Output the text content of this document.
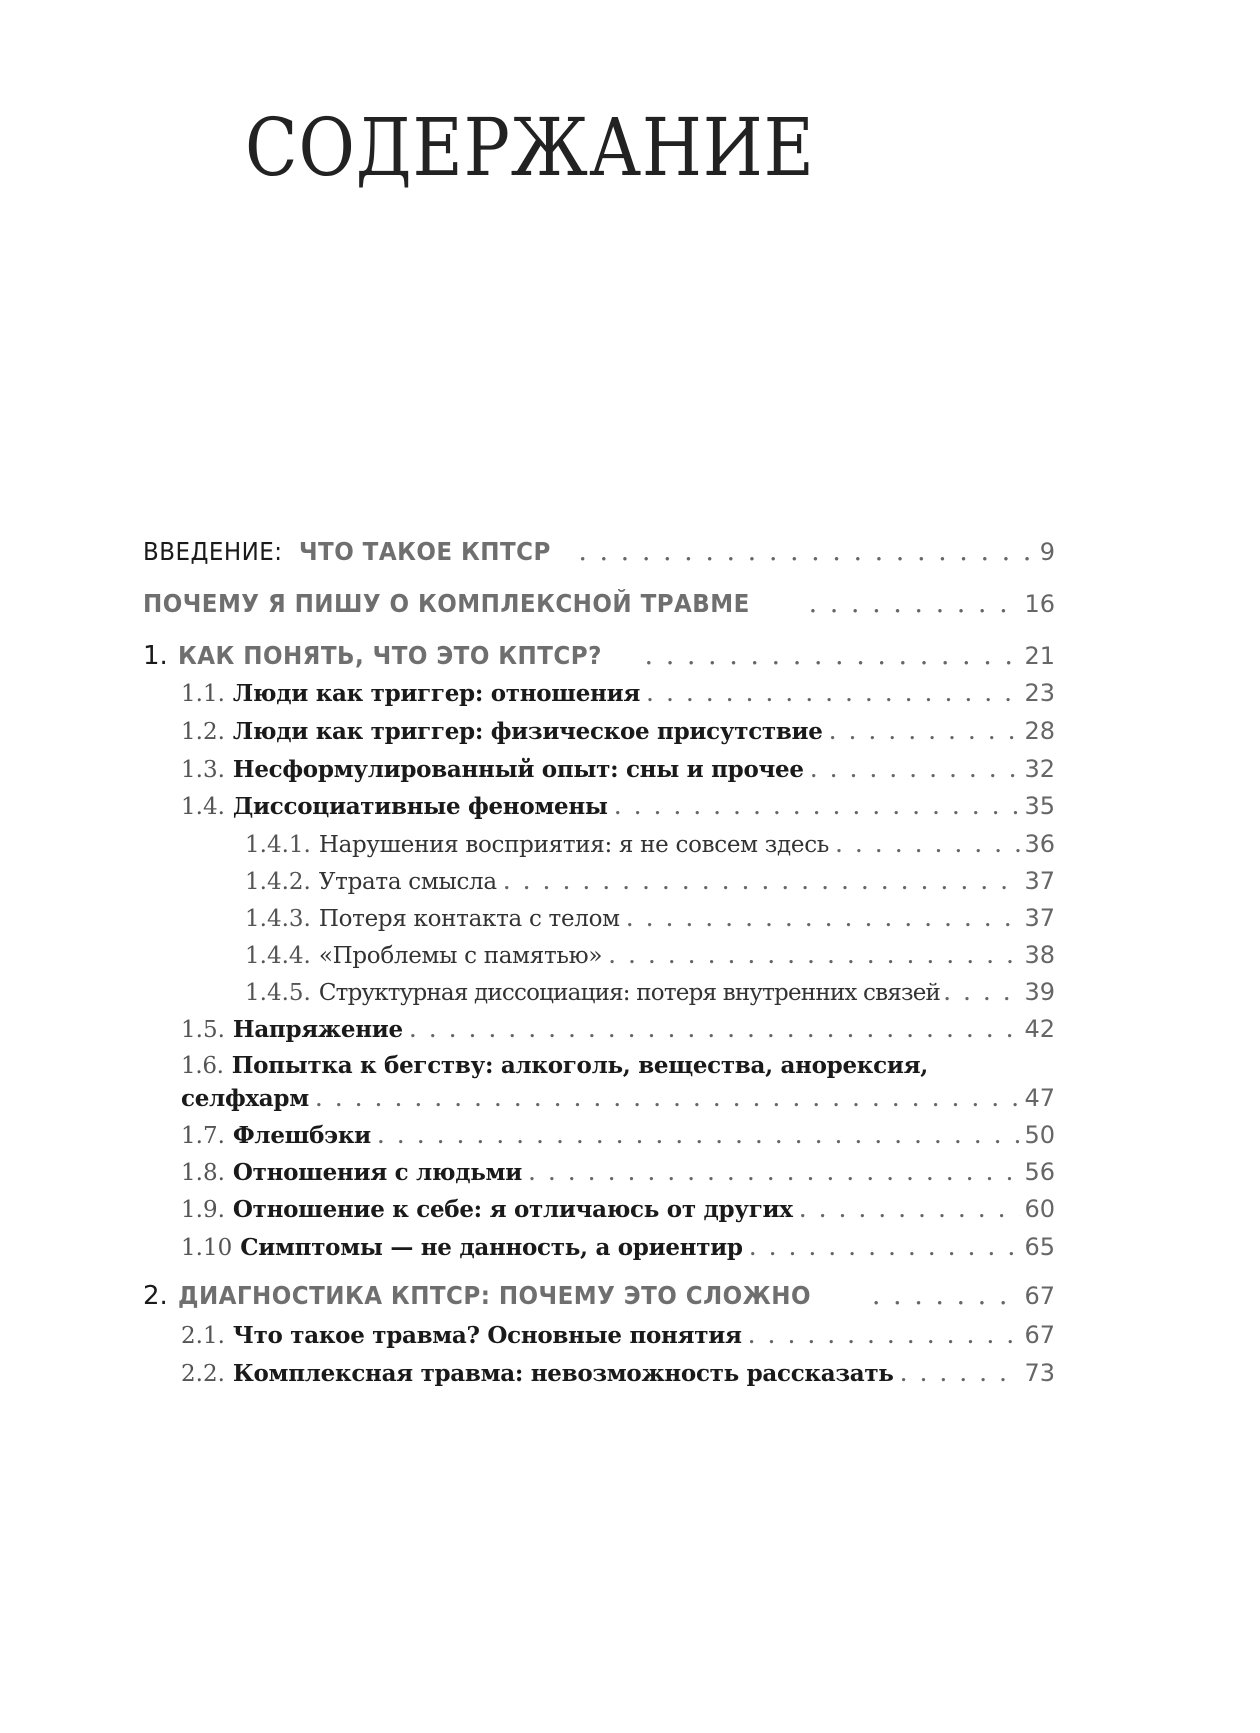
СОДЕРЖАНИЕ
ВВЕДЕНИЕ: ЧТО ТАКОЕ КПТСР . . .	9
ПОЧЕМУ Я ПИШУ О КОМПЛЕКСНОЙ ТРАВМЕ . . .	16
1. КАК ПОНЯТЬ, ЧТО ЭТО КПТСР? . . .	21
1.1. Люди как триггер: отношения . . .	23
1.2. Люди как триггер: физическое присутствие . . .	28
1.3. Несформулированный опыт: сны и прочее . . .	32
1.4. Диссоциативные феномены . . .	35
1.4.1. Нарушения восприятия: я не совсем здесь . . .	36
1.4.2. Утрата смысла . . .	37
1.4.3. Потеря контакта с телом . . .	37
1.4.4. «Проблемы с памятью» . . .	38
1.4.5. Структурная диссоциация: потеря внутренних связей . . .	39
1.5. Напряжение . . .	42
1.6. Попытка к бегству: алкоголь, вещества, анорексия,
селфхарм . . .	47
1.7. Флешбэки . . .	50
1.8. Отношения с людьми . . .	56
1.9. Отношение к себе: я отличаюсь от других . . .	60
1.10 Симптомы — не данность, а ориентир . . .	65
2. ДИАГНОСТИКА КПТСР: ПОЧЕМУ ЭТО СЛОЖНО . . .	67
2.1. Что такое травма? Основные понятия . . .	67
2.2. Комплексная травма: невозможность рассказать . . .	73
